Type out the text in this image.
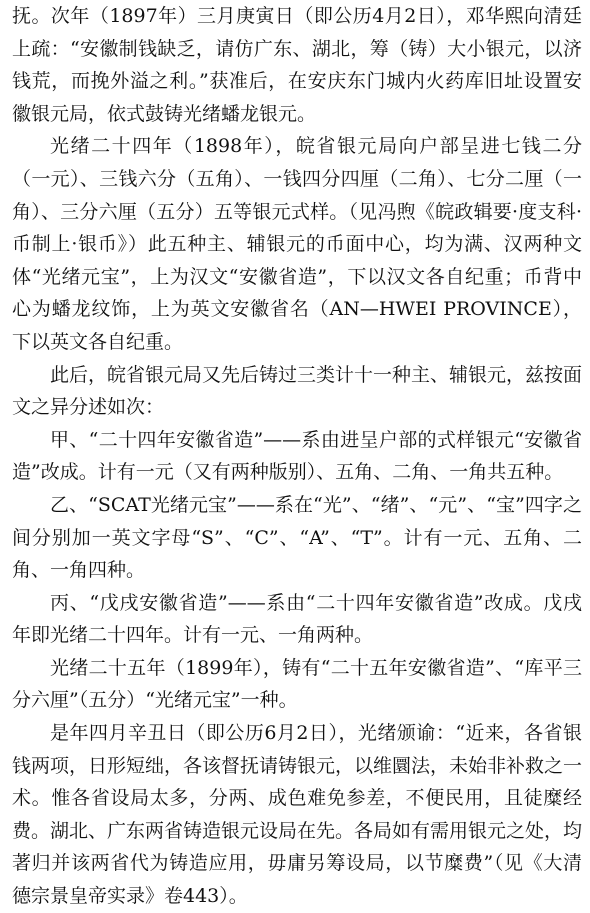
抚。次年（1897年）三月庚寅日（即公历4月2日），邓华熙向清廷上疏：“安徽制钱缺乏，请仿广东、湖北，筹（铸）大小银元，以济钱荒，而挽外溢之利。”获准后，在安庆东门城内火药库旧址设置安徽银元局，依式鼓铸光绪蟠龙银元。

光绪二十四年（1898年），皖省银元局向户部呈进七钱二分（一元）、三钱六分（五角）、一钱四分四厘（二角）、七分二厘（一角）、三分六厘（五分）五等银元式样。（见冯煦《皖政辑要·度支科·币制上·银币》）此五种主、辅银元的币面中心，均为满、汉两种文体“光绪元宝”，上为汉文“安徽省造”，下以汉文各自纪重；币背中心为蟠龙纹饰，上为英文安徽省名（AN—HWEI PROVINCE），下以英文各自纪重。

此后，皖省银元局又先后铸过三类计十一种主、辅银元，兹按面文之异分述如次：

甲、“二十四年安徽省造”——系由进呈户部的式样银元“安徽省造”改成。计有一元（又有两种版别）、五角、二角、一角共五种。

乙、“SCAT光绪元宝”——系在“光”、“绪”、“元”、“宝”四字之间分别加一英文字母“S”、“C”、“A”、“T”。计有一元、五角、二角、一角四种。

丙、“戊戌安徽省造”——系由“二十四年安徽省造”改成。戊戌年即光绪二十四年。计有一元、一角两种。

光绪二十五年（1899年），铸有“二十五年安徽省造”、“库平三分六厘”（五分）“光绪元宝”一种。

是年四月辛丑日（即公历6月2日），光绪颁谕：“近来，各省银钱两项，日形短绌，各该督抚请铸银元，以维圜法，未始非补救之一术。惟各省设局太多，分两、成色难免参差，不便民用，且徒糜经费。湖北、广东两省铸造银元设局在先。各局如有需用银元之处，均著归并该两省代为铸造应用，毋庸另筹设局，以节糜费”（见《大清德宗景皇帝实录》卷443）。
